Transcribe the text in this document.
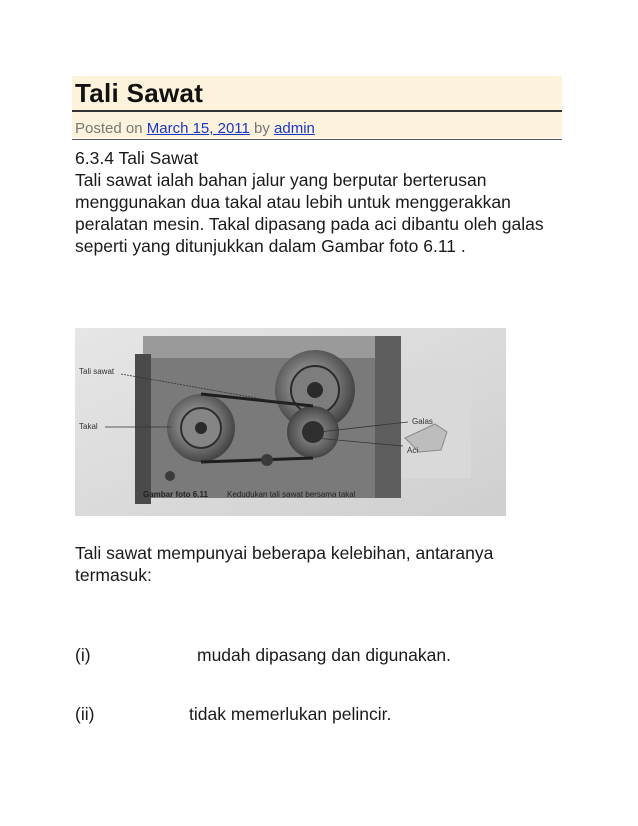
Tali Sawat
Posted on March 15, 2011 by admin
6.3.4 Tali Sawat
Tali sawat ialah bahan jalur yang berputar berterusan menggunakan dua takal atau lebih untuk menggerakkan peralatan mesin. Takal dipasang pada aci dibantu oleh galas seperti yang ditunjukkan dalam Gambar foto 6.11 .
Tali sawat
Takal
Galas
Aci
Gambar foto 6.11 Kedudukan tali sawat bersama takal
Tali sawat mempunyai beberapa kelebihan, antaranya termasuk:
(i)	mudah dipasang dan digunakan.
(ii)	tidak memerlukan pelincir.
